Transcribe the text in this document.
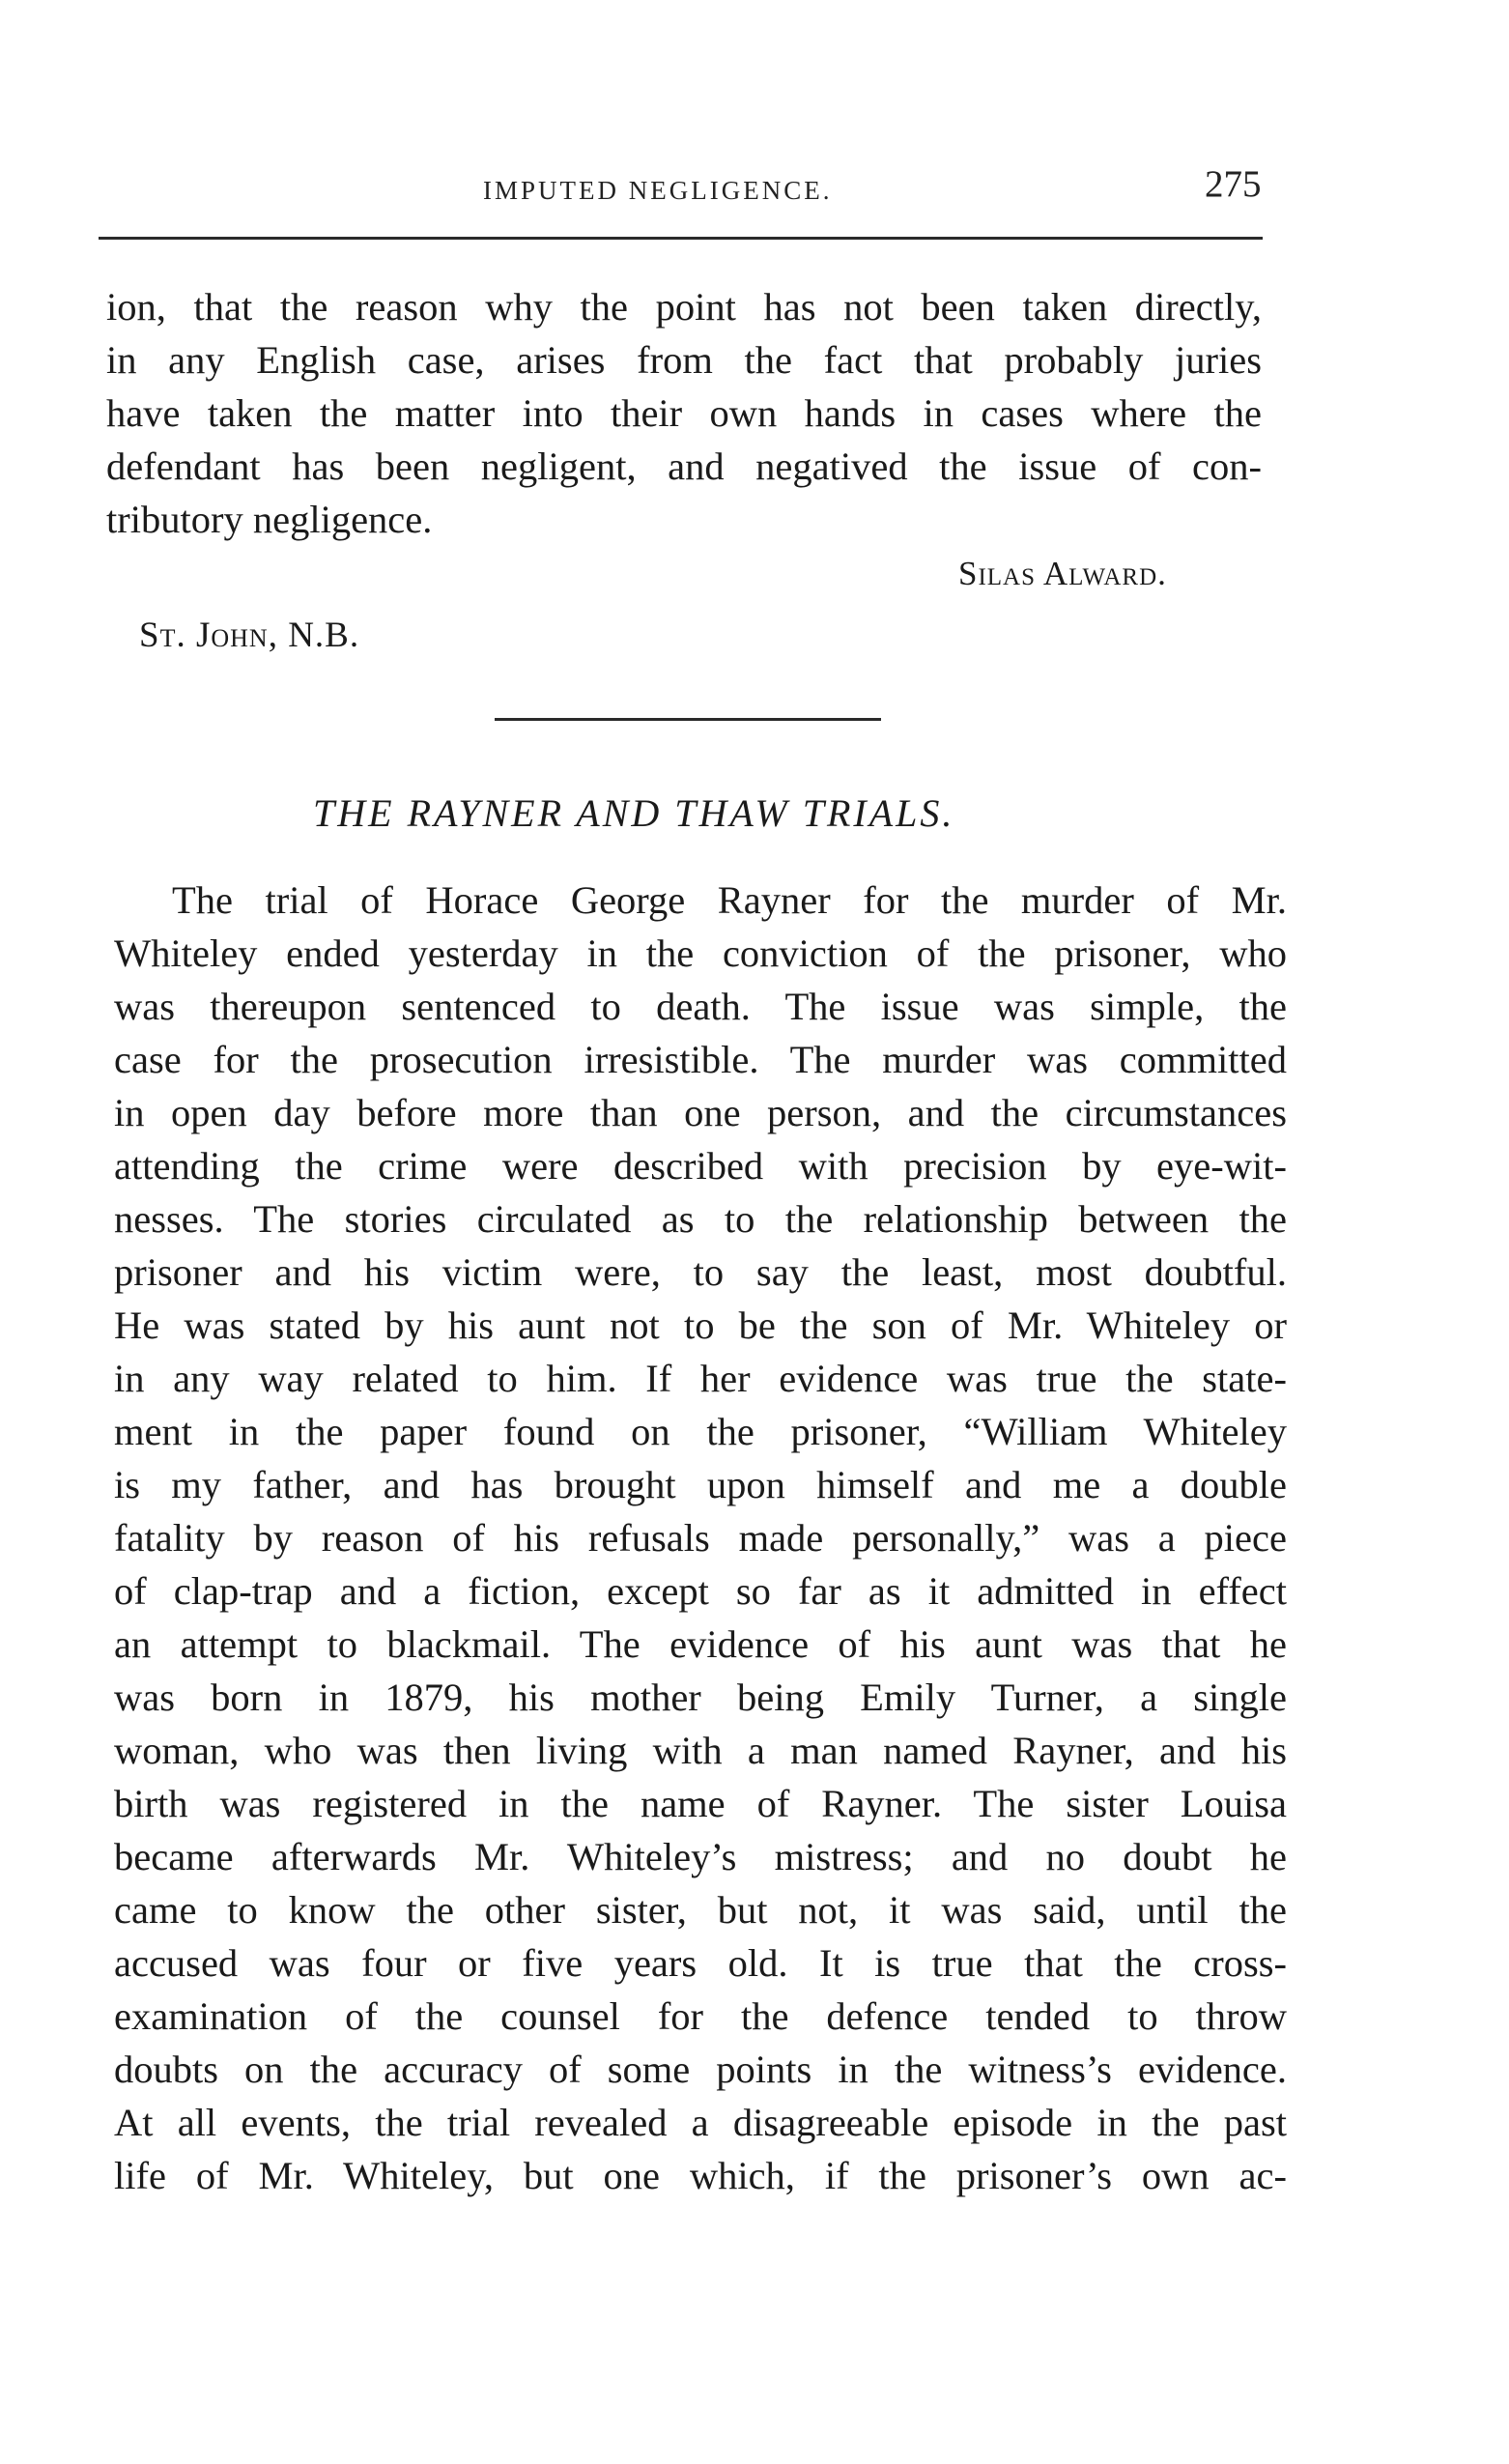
IMPUTED NEGLIGENCE.	275
ion, that the reason why the point has not been taken directly,
in any English case, arises from the fact that probably juries
have taken the matter into their own hands in cases where the
defendant has been negligent, and negatived the issue of con-
tributory negligence.
Silas Alward.
St. John, N.B.
THE RAYNER AND THAW TRIALS.
The trial of Horace George Rayner for the murder of Mr.
Whiteley ended yesterday in the conviction of the prisoner, who
was thereupon sentenced to death. The issue was simple, the
case for the prosecution irresistible. The murder was committed
in open day before more than one person, and the circumstances
attending the crime were described with precision by eye-wit-
nesses. The stories circulated as to the relationship between the
prisoner and his victim were, to say the least, most doubtful.
He was stated by his aunt not to be the son of Mr. Whiteley or
in any way related to him. If her evidence was true the state-
ment in the paper found on the prisoner, “William Whiteley
is my father, and has brought upon himself and me a double
fatality by reason of his refusals made personally,” was a piece
of clap-trap and a fiction, except so far as it admitted in effect
an attempt to blackmail. The evidence of his aunt was that he
was born in 1879, his mother being Emily Turner, a single
woman, who was then living with a man named Rayner, and his
birth was registered in the name of Rayner. The sister Louisa
became afterwards Mr. Whiteley’s mistress; and no doubt he
came to know the other sister, but not, it was said, until the
accused was four or five years old. It is true that the cross-
examination of the counsel for the defence tended to throw
doubts on the accuracy of some points in the witness’s evidence.
At all events, the trial revealed a disagreeable episode in the past
life of Mr. Whiteley, but one which, if the prisoner’s own ac-
